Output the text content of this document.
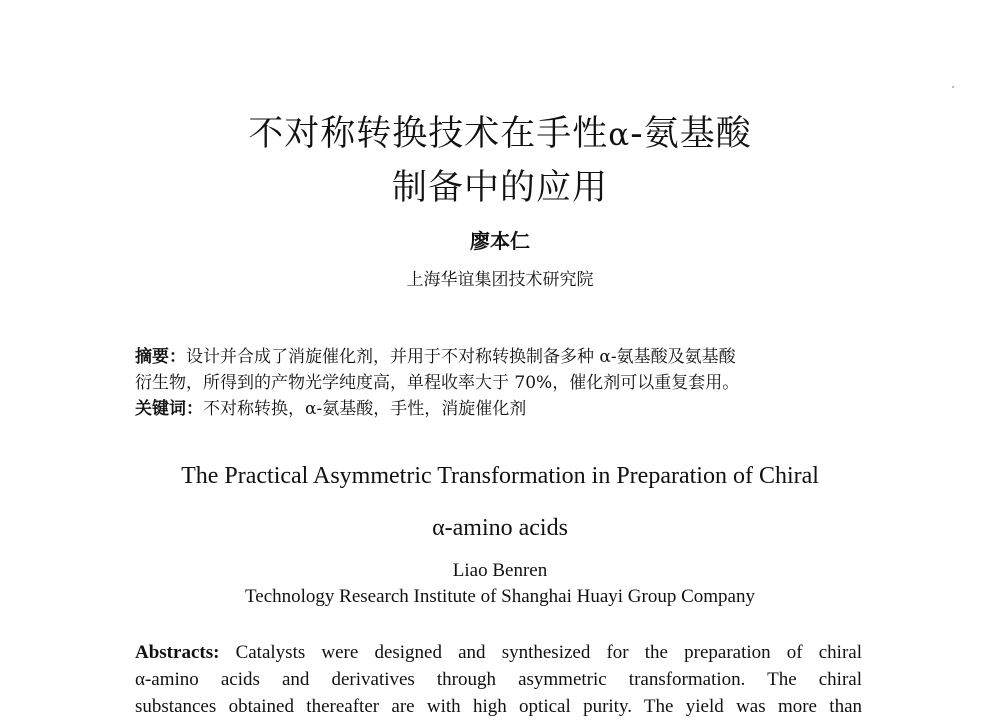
不对称转换技术在手性α-氨基酸
制备中的应用
廖本仁
上海华谊集团技术研究院
摘要：设计并合成了消旋催化剂，并用于不对称转换制备多种 α-氨基酸及氨基酸
衍生物，所得到的产物光学纯度高，单程收率大于 70%，催化剂可以重复套用。
关键词：不对称转换，α-氨基酸，手性，消旋催化剂
The Practical Asymmetric Transformation in Preparation of Chiral
α-amino acids
Liao Benren
Technology Research Institute of Shanghai Huayi Group Company
Abstracts: Catalysts were designed and synthesized for the preparation of chiral
α-amino acids and derivatives through asymmetric transformation. The chiral
substances obtained thereafter are with high optical purity. The yield was more than
